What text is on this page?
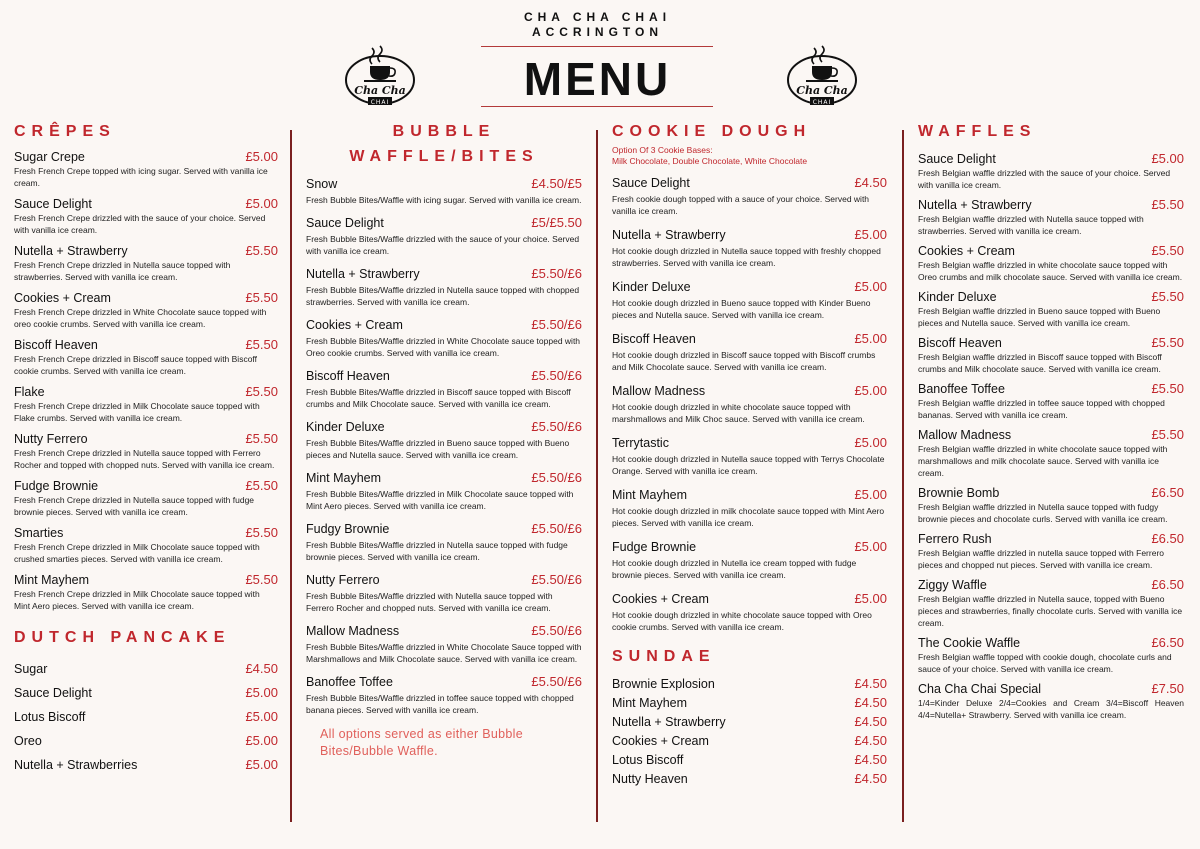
CHA CHA CHAI
ACCRINGTON
MENU
Cha Cha
CHAI
Cha Cha
CHAI
CRÊPES
Sugar Crepe	£5.00
Fresh French Crepe topped with icing sugar. Served with vanilla ice cream.
Sauce Delight	£5.00
Fresh French Crepe drizzled with the sauce of your choice. Served with vanilla ice cream.
Nutella + Strawberry	£5.50
Fresh French Crepe drizzled in Nutella sauce topped with strawberries. Served with vanilla ice cream.
Cookies + Cream	£5.50
Fresh French Crepe drizzled in White Chocolate sauce topped with oreo cookie crumbs. Served with vanilla ice cream.
Biscoff Heaven	£5.50
Fresh French Crepe drizzled in Biscoff sauce topped with Biscoff cookie crumbs. Served with vanilla ice cream.
Flake	£5.50
Fresh French Crepe drizzled in Milk Chocolate sauce topped with Flake crumbs. Served with vanilla ice cream.
Nutty Ferrero	£5.50
Fresh French Crepe drizzled in Nutella sauce topped with Ferrero Rocher and topped with chopped nuts. Served with vanilla ice cream.
Fudge Brownie	£5.50
Fresh French Crepe drizzled in Nutella sauce topped with fudge brownie pieces. Served with vanilla ice cream.
Smarties	£5.50
Fresh French Crepe drizzled in Milk Chocolate sauce topped with crushed smarties pieces. Served with vanilla ice cream.
Mint Mayhem	£5.50
Fresh French Crepe drizzled in Milk Chocolate sauce topped with Mint Aero pieces. Served with vanilla ice cream.
DUTCH PANCAKE
Sugar	£4.50
Sauce Delight	£5.00
Lotus Biscoff	£5.00
Oreo	£5.00
Nutella + Strawberries	£5.00
BUBBLE
WAFFLE/BITES
Snow	£4.50/£5
Fresh Bubble Bites/Waffle with icing sugar. Served with vanilla ice cream.
Sauce Delight	£5/£5.50
Fresh Bubble Bites/Waffle drizzled with the sauce of your choice. Served with vanilla ice cream.
Nutella + Strawberry	£5.50/£6
Fresh Bubble Bites/Waffle drizzled in Nutella sauce topped with chopped strawberries. Served with vanilla ice cream.
Cookies + Cream	£5.50/£6
Fresh Bubble Bites/Waffle drizzled in White Chocolate sauce topped with Oreo cookie crumbs. Served with vanilla ice cream.
Biscoff Heaven	£5.50/£6
Fresh Bubble Bites/Waffle drizzled in Biscoff sauce topped with Biscoff crumbs and Milk Chocolate sauce. Served with vanilla ice cream.
Kinder Deluxe	£5.50/£6
Fresh Bubble Bites/Waffle drizzled in Bueno sauce topped with Bueno pieces and Nutella sauce. Served with vanilla ice cream.
Mint Mayhem	£5.50/£6
Fresh Bubble Bites/Waffle drizzled in Milk Chocolate sauce topped with Mint Aero pieces. Served with vanilla ice cream.
Fudgy Brownie	£5.50/£6
Fresh Bubble Bites/Waffle drizzled in Nutella sauce topped with fudge brownie pieces. Served with vanilla ice cream.
Nutty Ferrero	£5.50/£6
Fresh Bubble Bites/Waffle drizzled with Nutella sauce topped with Ferrero Rocher and chopped nuts. Served with vanilla ice cream.
Mallow Madness	£5.50/£6
Fresh Bubble Bites/Waffle drizzled in White Chocolate Sauce topped with Marshmallows and Milk Chocolate sauce. Served with vanilla ice cream.
Banoffee Toffee	£5.50/£6
Fresh Bubble Bites/Waffle drizzled in toffee sauce topped with chopped banana pieces. Served with vanilla ice cream.
All options served as either Bubble Bites/Bubble Waffle.
COOKIE DOUGH
Option Of 3 Cookie Bases:
Milk Chocolate, Double Chocolate, White Chocolate
Sauce Delight	£4.50
Fresh cookie dough topped with a sauce of your choice. Served with vanilla ice cream.
Nutella + Strawberry	£5.00
Hot cookie dough drizzled in Nutella sauce topped with freshly chopped strawberries. Served with vanilla ice cream.
Kinder Deluxe	£5.00
Hot cookie dough drizzled in Bueno sauce topped with Kinder Bueno pieces and Nutella sauce. Served with vanilla ice cream.
Biscoff Heaven	£5.00
Hot cookie dough drizzled in Biscoff sauce topped with Biscoff crumbs and Milk Chocolate sauce. Served with vanilla ice cream.
Mallow Madness	£5.00
Hot cookie dough drizzled in white chocolate sauce topped with marshmallows and Milk Choc sauce. Served with vanilla ice cream.
Terrytastic	£5.00
Hot cookie dough drizzled in Nutella sauce topped with Terrys Chocolate Orange. Served with vanilla ice cream.
Mint Mayhem	£5.00
Hot cookie dough drizzled in milk chocolate sauce topped with Mint Aero pieces. Served with vanilla ice cream.
Fudge Brownie	£5.00
Hot cookie dough drizzled in Nutella ice cream topped with fudge brownie pieces. Served with vanilla ice cream.
Cookies + Cream	£5.00
Hot cookie dough drizzled in white chocolate sauce topped with Oreo cookie crumbs. Served with vanilla ice cream.
SUNDAE
Brownie Explosion	£4.50
Mint Mayhem	£4.50
Nutella + Strawberry	£4.50
Cookies + Cream	£4.50
Lotus Biscoff	£4.50
Nutty Heaven	£4.50
WAFFLES
Sauce Delight	£5.00
Fresh Belgian waffle drizzled with the sauce of your choice. Served with vanilla ice cream.
Nutella + Strawberry	£5.50
Fresh Belgian waffle drizzled with Nutella sauce topped with strawberries. Served with vanilla ice cream.
Cookies + Cream	£5.50
Fresh Belgian waffle drizzled in white chocolate sauce topped with Oreo crumbs and milk chocolate sauce. Served with vanilla ice cream.
Kinder Deluxe	£5.50
Fresh Belgian waffle drizzled in Bueno sauce topped with Bueno pieces and Nutella sauce. Served with vanilla ice cream.
Biscoff Heaven	£5.50
Fresh Belgian waffle drizzled in Biscoff sauce topped with Biscoff crumbs and Milk chocolate sauce. Served with vanilla ice cream.
Banoffee Toffee	£5.50
Fresh Belgian waffle drizzled in toffee sauce topped with chopped bananas. Served with vanilla ice cream.
Mallow Madness	£5.50
Fresh Belgian waffle drizzled in white chocolate sauce topped with marshmallows and milk chocolate sauce. Served with vanilla ice cream.
Brownie Bomb	£6.50
Fresh Belgian waffle drizzled in Nutella sauce topped with fudgy brownie pieces and chocolate curls. Served with vanilla ice cream.
Ferrero Rush	£6.50
Fresh Belgian waffle drizzled in nutella sauce topped with Ferrero pieces and chopped nut pieces. Served with vanilla ice cream.
Ziggy Waffle	£6.50
Fresh Belgian waffle drizzled in Nutella sauce, topped with Bueno pieces and strawberries, finally chocolate curls. Served with vanilla ice cream.
The Cookie Waffle	£6.50
Fresh Belgian waffle topped with cookie dough, chocolate curls and sauce of your choice. Served with vanilla ice cream.
Cha Cha Chai Special	£7.50
1/4=Kinder Deluxe 2/4=Cookies and Cream 3/4=Biscoff Heaven 4/4=Nutella+ Strawberry. Served with vanilla ice cream.
